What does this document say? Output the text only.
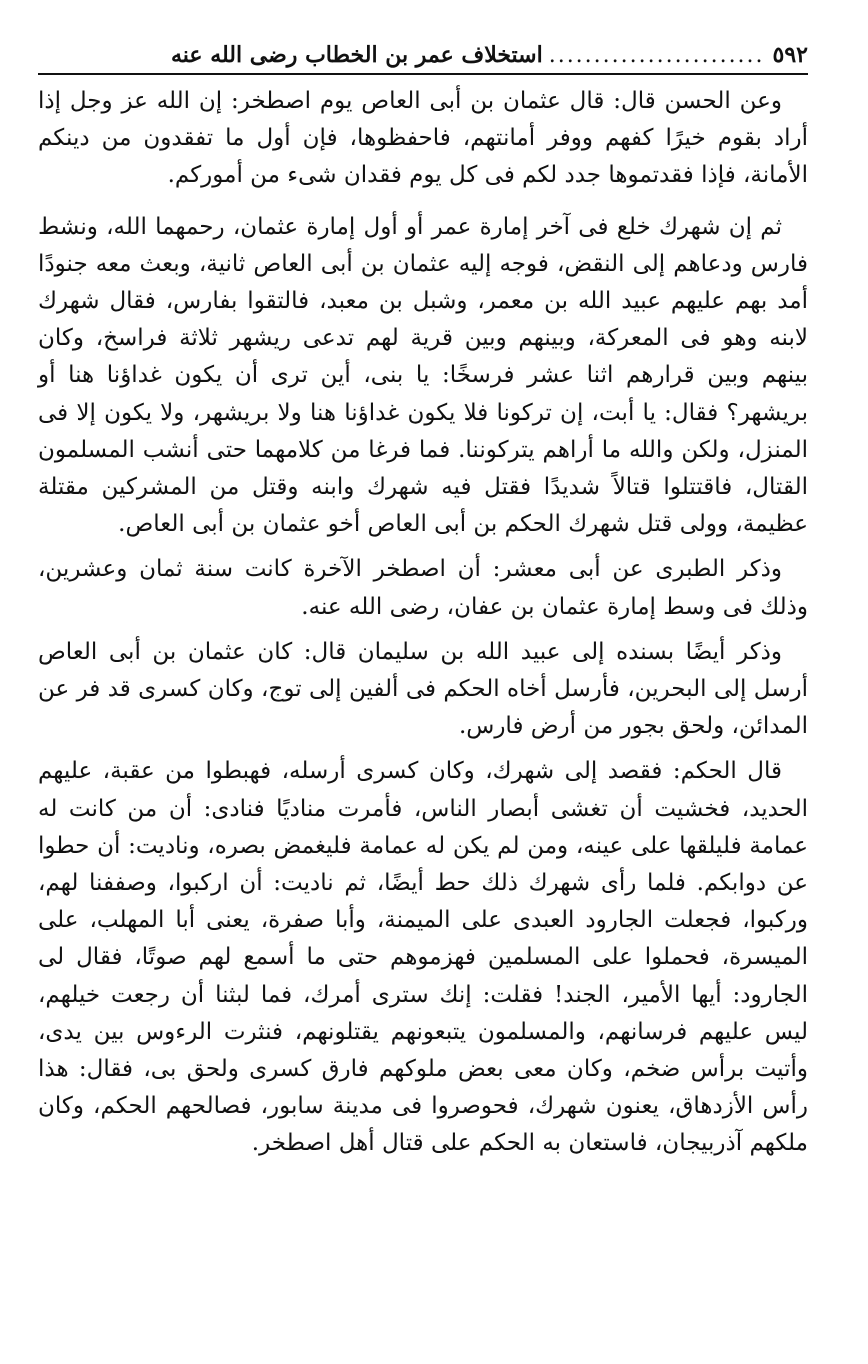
٥٩٢
........................
استخلاف عمر بن الخطاب رضى الله عنه

وعن الحسن قال: قال عثمان بن أبى العاص يوم اصطخر: إن الله عز وجل إذا أراد بقوم خيرًا كفهم ووفر أمانتهم، فاحفظوها، فإن أول ما تفقدون من دينكم الأمانة، فإذا فقدتموها جدد لكم فى كل يوم فقدان شىء من أموركم.

ثم إن شهرك خلع فى آخر إمارة عمر أو أول إمارة عثمان، رحمهما الله، ونشط فارس ودعاهم إلى النقض، فوجه إليه عثمان بن أبى العاص ثانية، وبعث معه جنودًا أمد بهم عليهم عبيد الله بن معمر، وشبل بن معبد، فالتقوا بفارس، فقال شهرك لابنه وهو فى المعركة، وبينهم وبين قرية لهم تدعى ريشهر ثلاثة فراسخ، وكان بينهم وبين قرارهم اثنا عشر فرسخًا: يا بنى، أين ترى أن يكون غداؤنا هنا أو بريشهر؟ فقال: يا أبت، إن تركونا فلا يكون غداؤنا هنا ولا بريشهر، ولا يكون إلا فى المنزل، ولكن والله ما أراهم يتركوننا. فما فرغا من كلامهما حتى أنشب المسلمون القتال، فاقتتلوا قتالاً شديدًا فقتل فيه شهرك وابنه وقتل من المشركين مقتلة عظيمة، وولى قتل شهرك الحكم بن أبى العاص أخو عثمان بن أبى العاص.

وذكر الطبرى عن أبى معشر: أن اصطخر الآخرة كانت سنة ثمان وعشرين، وذلك فى وسط إمارة عثمان بن عفان، رضى الله عنه.

وذكر أيضًا بسنده إلى عبيد الله بن سليمان قال: كان عثمان بن أبى العاص أرسل إلى البحرين، فأرسل أخاه الحكم فى ألفين إلى توج، وكان كسرى قد فر عن المدائن، ولحق بجور من أرض فارس.

قال الحكم: فقصد إلى شهرك، وكان كسرى أرسله، فهبطوا من عقبة، عليهم الحديد، فخشيت أن تغشى أبصار الناس، فأمرت مناديًا فنادى: أن من كانت له عمامة فليلقها على عينه، ومن لم يكن له عمامة فليغمض بصره، وناديت: أن حطوا عن دوابكم. فلما رأى شهرك ذلك حط أيضًا، ثم ناديت: أن اركبوا، وصففنا لهم، وركبوا، فجعلت الجارود العبدى على الميمنة، وأبا صفرة، يعنى أبا المهلب، على الميسرة، فحملوا على المسلمين فهزموهم حتى ما أسمع لهم صوتًا، فقال لى الجارود: أيها الأمير، الجند! فقلت: إنك سترى أمرك، فما لبثنا أن رجعت خيلهم، ليس عليهم فرسانهم، والمسلمون يتبعونهم يقتلونهم، فنثرت الرءوس بين يدى، وأتيت برأس ضخم، وكان معى بعض ملوكهم فارق كسرى ولحق بى، فقال: هذا رأس الأزدهاق، يعنون شهرك، فحوصروا فى مدينة سابور، فصالحهم الحكم، وكان ملكهم آذربيجان، فاستعان به الحكم على قتال أهل اصطخر.
